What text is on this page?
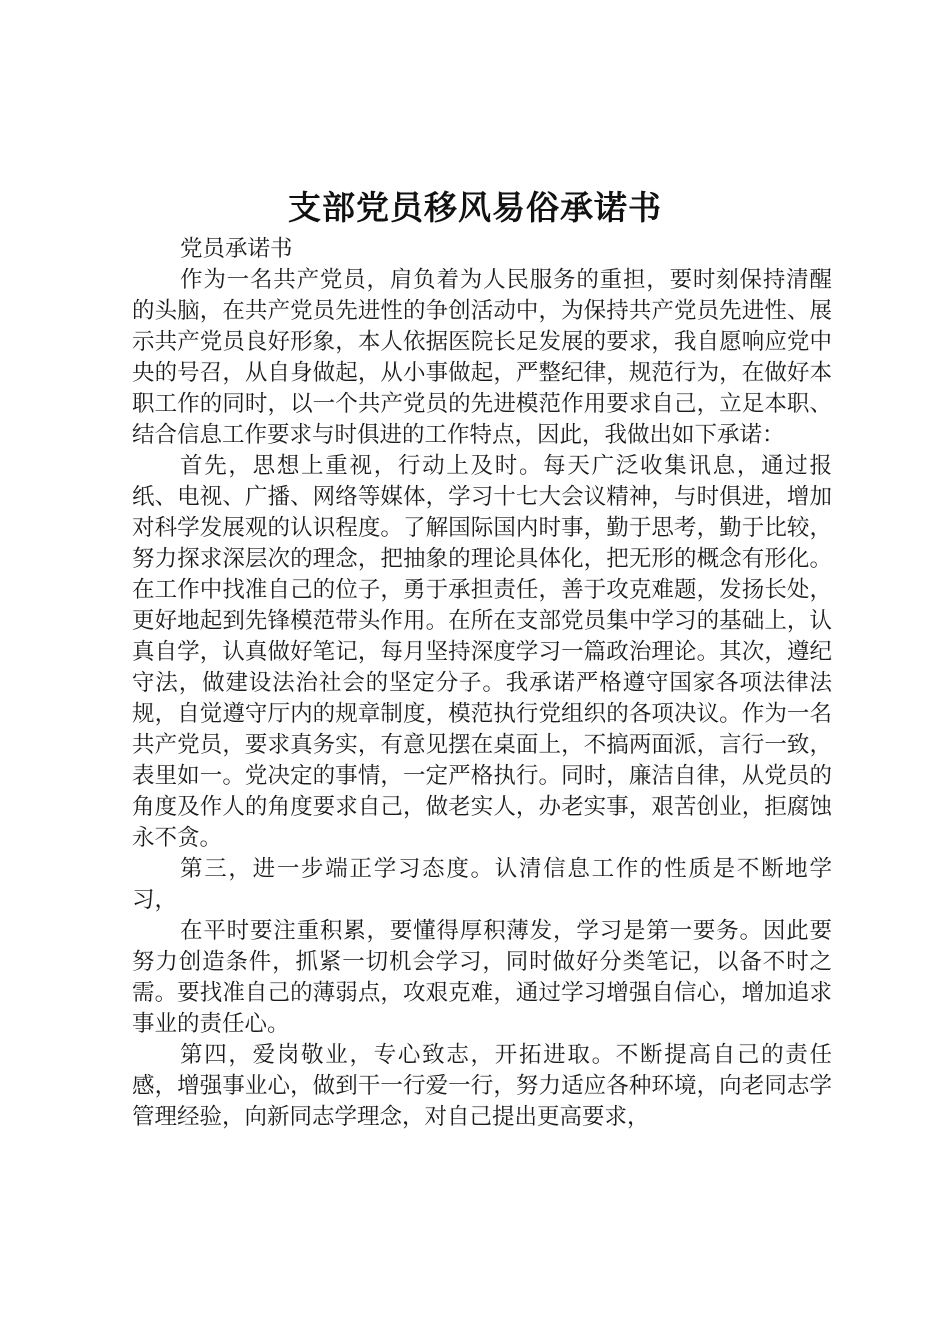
支部党员移风易俗承诺书

党员承诺书

作为一名共产党员，肩负着为人民服务的重担，要时刻保持清醒的头脑，在共产党员先进性的争创活动中，为保持共产党员先进性、展示共产党员良好形象，本人依据医院长足发展的要求，我自愿响应党中央的号召，从自身做起，从小事做起，严整纪律，规范行为，在做好本职工作的同时，以一个共产党员的先进模范作用要求自己，立足本职、结合信息工作要求与时俱进的工作特点，因此，我做出如下承诺：

首先，思想上重视，行动上及时。每天广泛收集讯息，通过报纸、电视、广播、网络等媒体，学习十七大会议精神，与时俱进，增加对科学发展观的认识程度。了解国际国内时事，勤于思考，勤于比较，努力探求深层次的理念，把抽象的理论具体化，把无形的概念有形化。在工作中找准自己的位子，勇于承担责任，善于攻克难题，发扬长处，更好地起到先锋模范带头作用。在所在支部党员集中学习的基础上，认真自学，认真做好笔记，每月坚持深度学习一篇政治理论。其次，遵纪守法，做建设法治社会的坚定分子。我承诺严格遵守国家各项法律法规，自觉遵守厅内的规章制度，模范执行党组织的各项决议。作为一名共产党员，要求真务实，有意见摆在桌面上，不搞两面派，言行一致，表里如一。党决定的事情，一定严格执行。同时，廉洁自律，从党员的角度及作人的角度要求自己，做老实人，办老实事，艰苦创业，拒腐蚀永不贪。

第三，进一步端正学习态度。认清信息工作的性质是不断地学习，

在平时要注重积累，要懂得厚积薄发，学习是第一要务。因此要努力创造条件，抓紧一切机会学习，同时做好分类笔记，以备不时之需。要找准自己的薄弱点，攻艰克难，通过学习增强自信心，增加追求事业的责任心。

第四，爱岗敬业，专心致志，开拓进取。不断提高自己的责任感，增强事业心，做到干一行爱一行，努力适应各种环境，向老同志学管理经验，向新同志学理念，对自己提出更高要求，
